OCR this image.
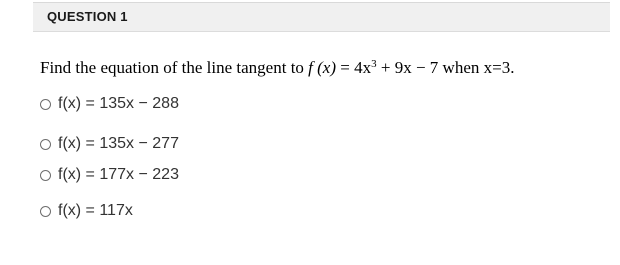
QUESTION 1
Find the equation of the line tangent to f $(x) = 4x^3 + 9x - 7$ when x=3.
f(x) = 135x − 288
f(x) = 135x − 277
f(x) = 177x − 223
f(x) = 117x
